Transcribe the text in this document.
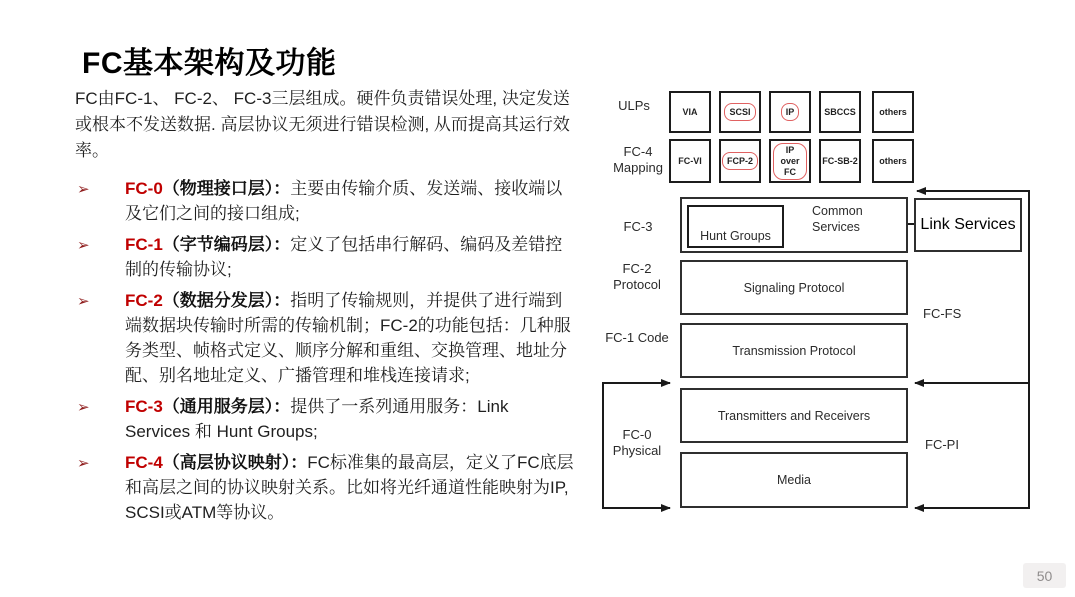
FC基本架构及功能

FC由FC-1、 FC-2、 FC-3三层组成。硬件负责错误处理, 决定发送或根本不发送数据. 高层协议无须进行错误检测, 从而提高其运行效率。

➢ FC-0（物理接口层）：主要由传输介质、发送端、接收端以及它们之间的接口组成;
➢ FC-1（字节编码层）：定义了包括串行解码、编码及差错控制的传输协议;
➢ FC-2（数据分发层）：指明了传输规则，并提供了进行端到端数据块传输时所需的传输机制；FC-2的功能包括：几种服务类型、帧格式定义、顺序分解和重组、交换管理、地址分配、别名地址定义、广播管理和堆栈连接请求;
➢ FC-3（通用服务层）：提供了一系列通用服务：Link Services 和 Hunt Groups;
➢ FC-4（高层协议映射）：FC标准集的最高层，定义了FC底层和高层之间的协议映射关系。比如将光纤通道性能映射为IP, SCSI或ATM等协议。
ULPs
FC-4 Mapping
FC-3
FC-2 Protocol
FC-1 Code
FC-0 Physical
VIA	SCSI	IP	SBCCS	others
FC-VI	FCP-2
IP over FC
FC-SB-2 others
Hunt Groups
Common Services	Link Services
Signaling Protocol
Transmission Protocol
Transmitters and Receivers
Media
FC-FS
FC-PI
50
